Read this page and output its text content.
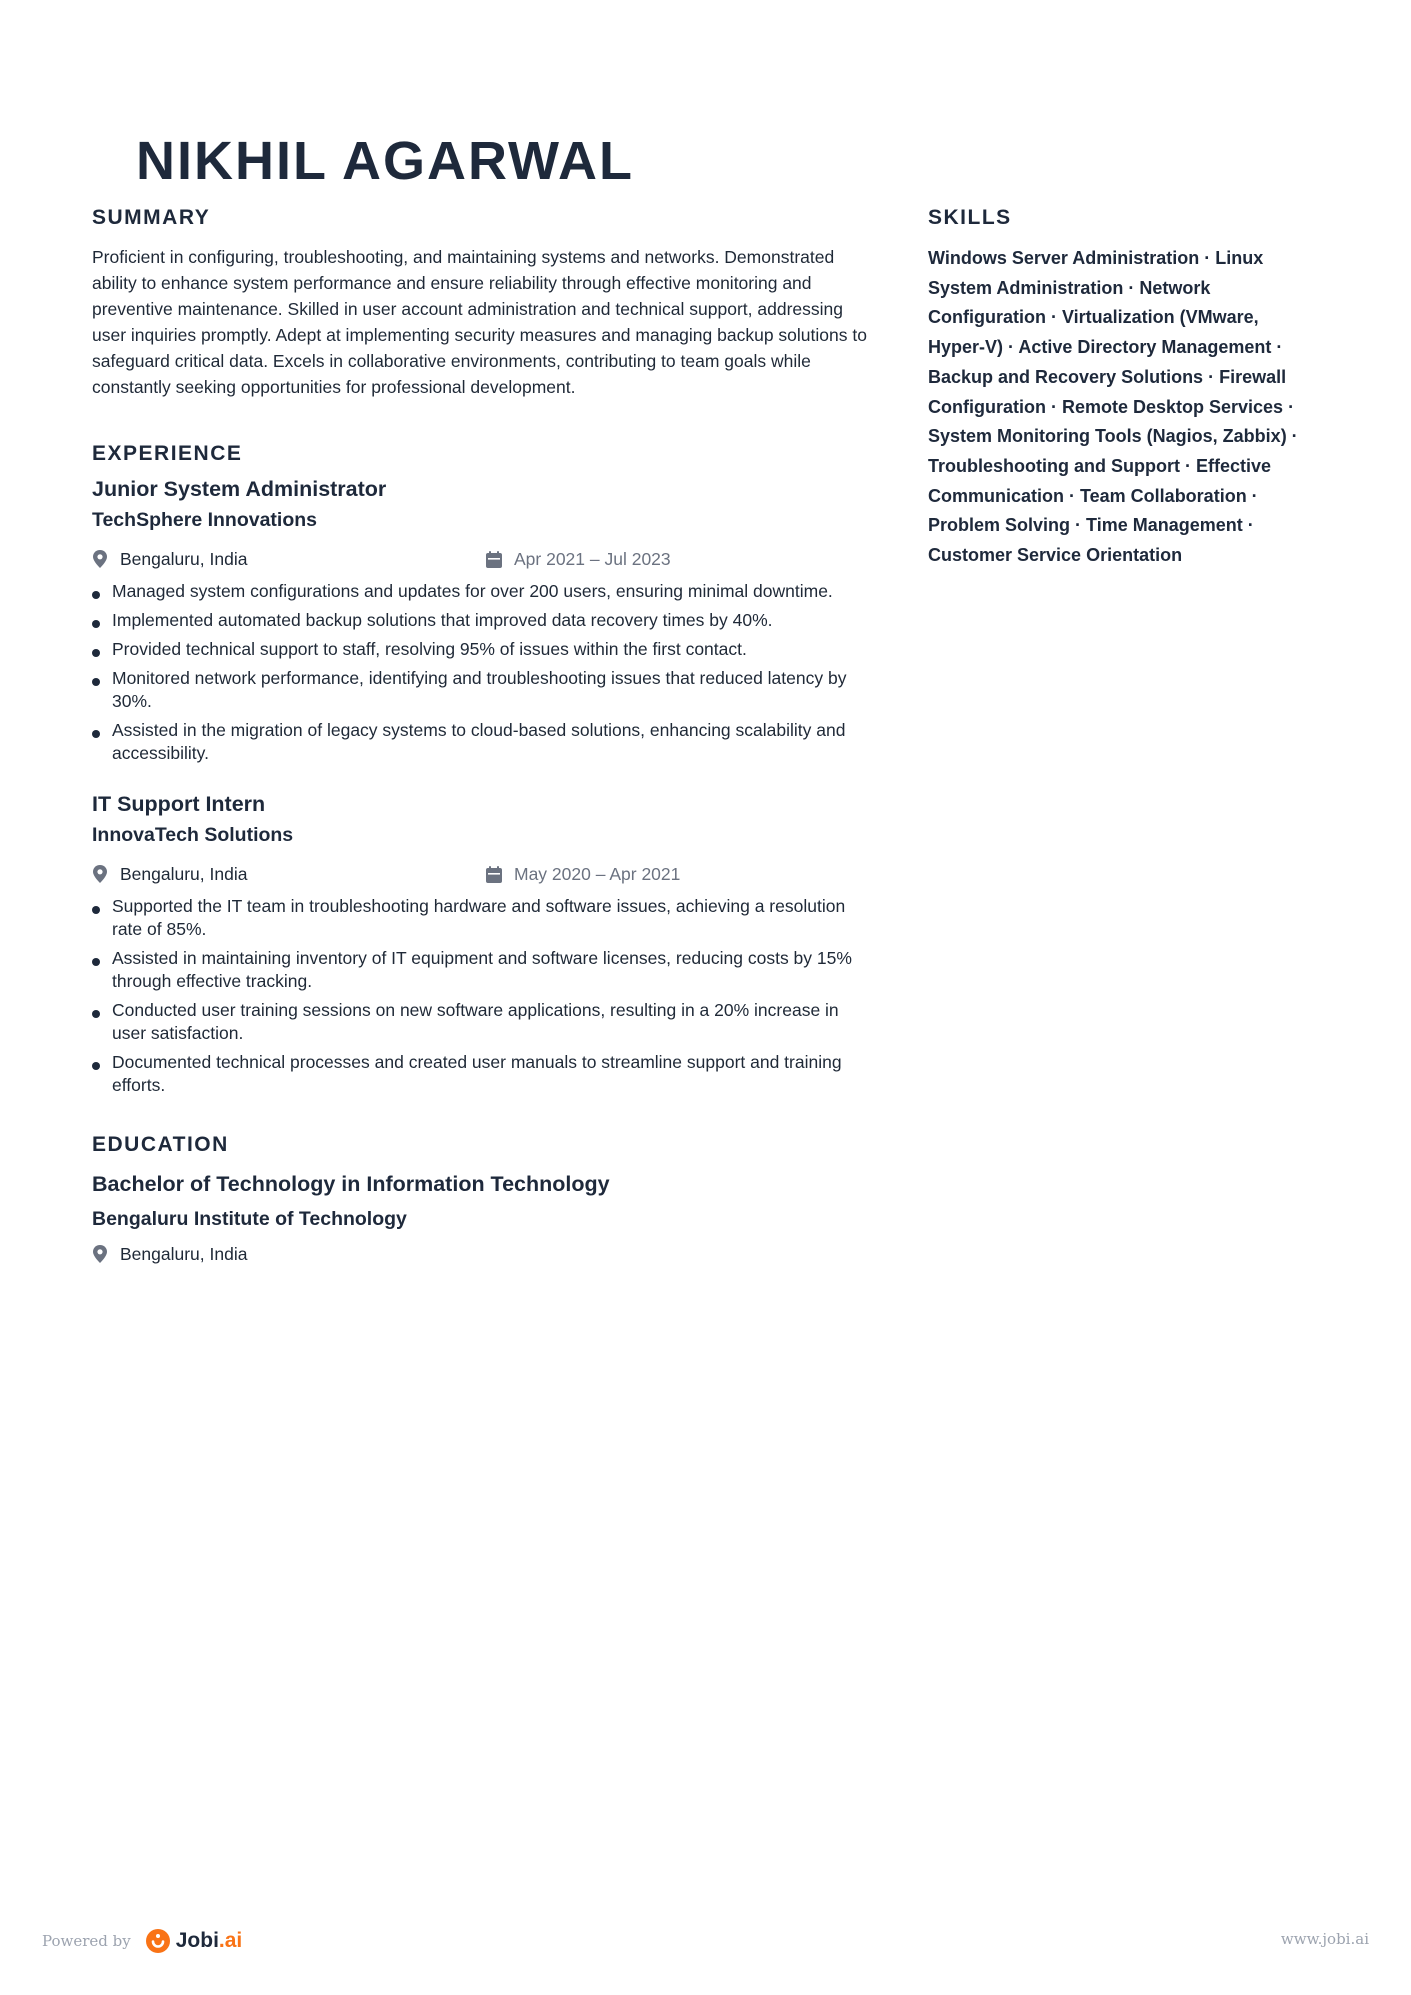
NIKHIL AGARWAL
SUMMARY

Proficient in configuring, troubleshooting, and maintaining systems and networks. Demonstrated ability to enhance system performance and ensure reliability through effective monitoring and preventive maintenance. Skilled in user account administration and technical support, addressing user inquiries promptly. Adept at implementing security measures and managing backup solutions to safeguard critical data. Excels in collaborative environments, contributing to team goals while constantly seeking opportunities for professional development.

EXPERIENCE
Junior System Administrator
TechSphere Innovations
Bengaluru, India	Apr 2021 – Jul 2023
Managed system configurations and updates for over 200 users, ensuring minimal downtime.
Implemented automated backup solutions that improved data recovery times by 40%.
Provided technical support to staff, resolving 95% of issues within the first contact.
Monitored network performance, identifying and troubleshooting issues that reduced latency by 30%.
Assisted in the migration of legacy systems to cloud-based solutions, enhancing scalability and accessibility.
IT Support Intern
InnovaTech Solutions
Bengaluru, India	May 2020 – Apr 2021
Supported the IT team in troubleshooting hardware and software issues, achieving a resolution rate of 85%.
Assisted in maintaining inventory of IT equipment and software licenses, reducing costs by 15% through effective tracking.
Conducted user training sessions on new software applications, resulting in a 20% increase in user satisfaction.
Documented technical processes and created user manuals to streamline support and training efforts.
EDUCATION
Bachelor of Technology in Information Technology
Bengaluru Institute of Technology
Bengaluru, India
SKILLS

Windows Server Administration · Linux System Administration · Network Configuration · Virtualization (VMware, Hyper-V) · Active Directory Management · Backup and Recovery Solutions · Firewall Configuration · Remote Desktop Services · System Monitoring Tools (Nagios, Zabbix) · Troubleshooting and Support · Effective Communication · Team Collaboration · Problem Solving · Time Management · Customer Service Orientation

Powered by Jobi.ai	www.jobi.ai
